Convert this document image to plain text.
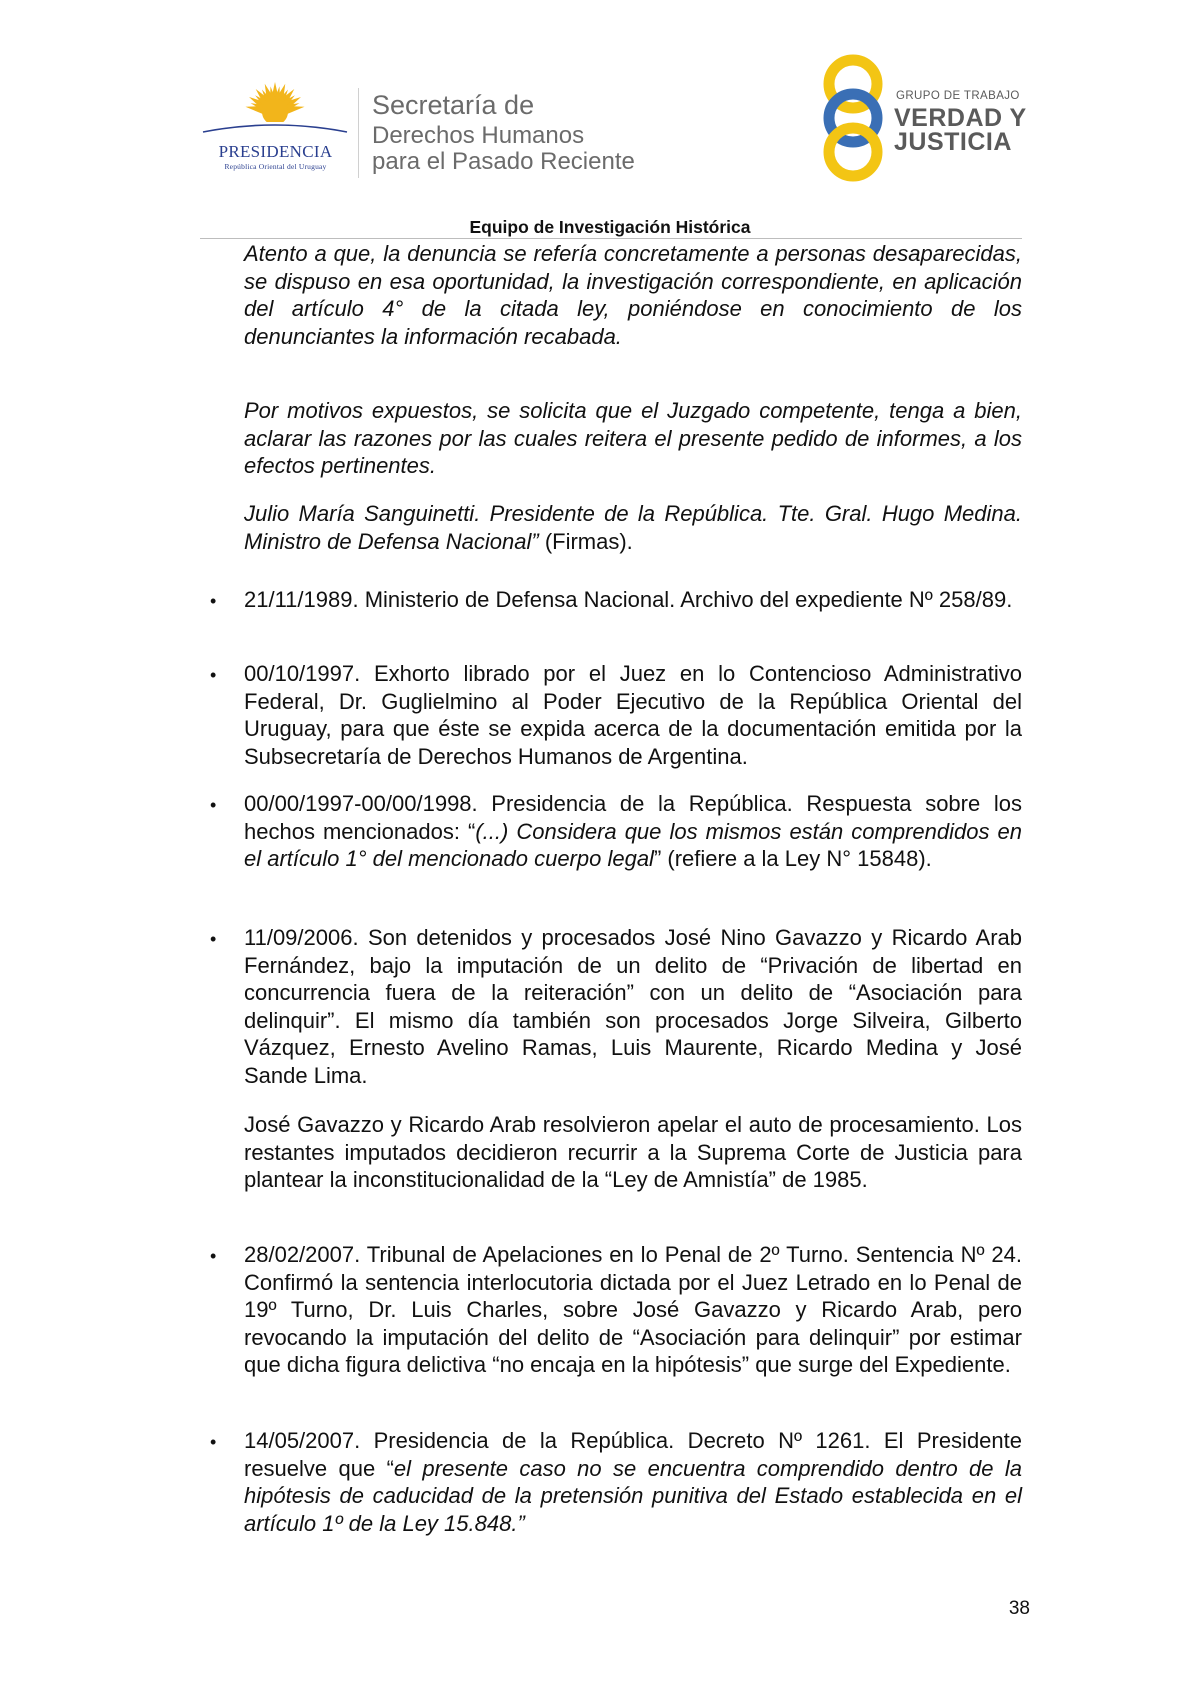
PRESIDENCIA
República Oriental del Uruguay
Secretaría de
Derechos Humanos
para el Pasado Reciente
GRUPO DE TRABAJO
VERDAD Y
JUSTICIA
Equipo de Investigación Histórica

Atento a que, la denuncia se refería concretamente a personas desaparecidas, se dispuso en esa oportunidad, la investigación correspondiente, en aplicación del artículo 4° de la citada ley, poniéndose en conocimiento de los denunciantes la información recabada.

Por motivos expuestos, se solicita que el Juzgado competente, tenga a bien, aclarar las razones por las cuales reitera el presente pedido de informes, a los efectos pertinentes.

Julio María Sanguinetti. Presidente de la República. Tte. Gral. Hugo Medina. Ministro de Defensa Nacional” (Firmas).

• 21/11/1989. Ministerio de Defensa Nacional. Archivo del expediente Nº 258/89.

• 00/10/1997. Exhorto librado por el Juez en lo Contencioso Administrativo Federal, Dr. Guglielmino al Poder Ejecutivo de la República Oriental del Uruguay, para que éste se expida acerca de la documentación emitida por la Subsecretaría de Derechos Humanos de Argentina.

• 00/00/1997-00/00/1998. Presidencia de la República. Respuesta sobre los hechos mencionados: “(...) Considera que los mismos están comprendidos en el artículo 1° del mencionado cuerpo legal” (refiere a la Ley N° 15848).

• 11/09/2006. Son detenidos y procesados José Nino Gavazzo y Ricardo Arab Fernández, bajo la imputación de un delito de “Privación de libertad en concurrencia fuera de la reiteración” con un delito de “Asociación para delinquir”. El mismo día también son procesados Jorge Silveira, Gilberto Vázquez, Ernesto Avelino Ramas, Luis Maurente, Ricardo Medina y José Sande Lima.

José Gavazzo y Ricardo Arab resolvieron apelar el auto de procesamiento. Los restantes imputados decidieron recurrir a la Suprema Corte de Justicia para plantear la inconstitucionalidad de la “Ley de Amnistía” de 1985.

• 28/02/2007. Tribunal de Apelaciones en lo Penal de 2º Turno. Sentencia Nº 24. Confirmó la sentencia interlocutoria dictada por el Juez Letrado en lo Penal de 19º Turno, Dr. Luis Charles, sobre José Gavazzo y Ricardo Arab, pero revocando la imputación del delito de “Asociación para delinquir” por estimar que dicha figura delictiva “no encaja en la hipótesis” que surge del Expediente.

• 14/05/2007. Presidencia de la República. Decreto Nº 1261. El Presidente resuelve que “el presente caso no se encuentra comprendido dentro de la hipótesis de caducidad de la pretensión punitiva del Estado establecida en el artículo 1º de la Ley 15.848.”

38
